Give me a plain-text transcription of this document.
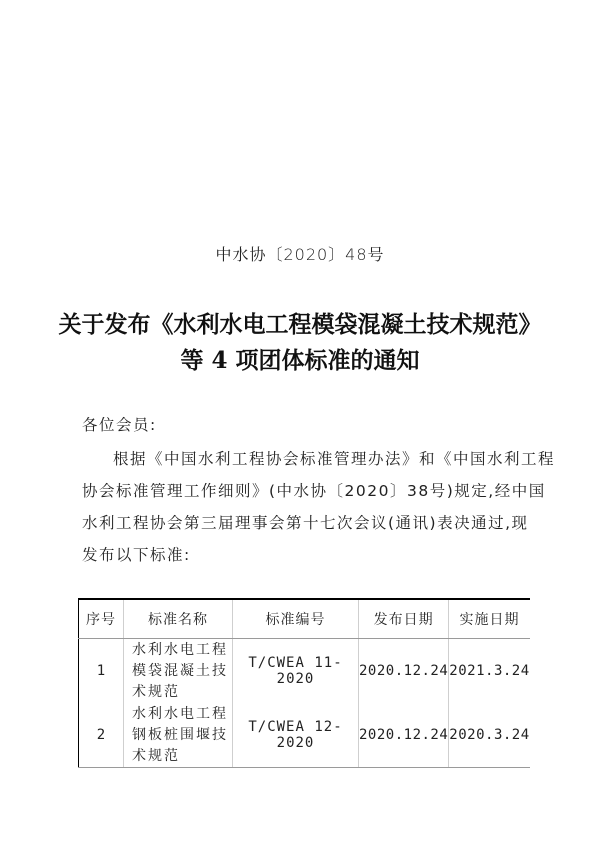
中水协〔2020〕48号
关于发布《水利水电工程模袋混凝土技术规范》
等 4 项团体标准的通知
各位会员:
根据《中国水利工程协会标准管理办法》和《中国水利工程
协会标准管理工作细则》(中水协〔2020〕38号)规定,经中国
水利工程协会第三届理事会第十七次会议(通讯)表决通过,现
发布以下标准:
序号	标准名称	标准编号	发布日期	实施日期
1	水利水电工程模袋混凝土技术规范	T/CWEA 11-2020	2020.12.24	2021.3.24
2	水利水电工程钢板桩围堰技术规范	T/CWEA 12-2020	2020.12.24	2020.3.24
